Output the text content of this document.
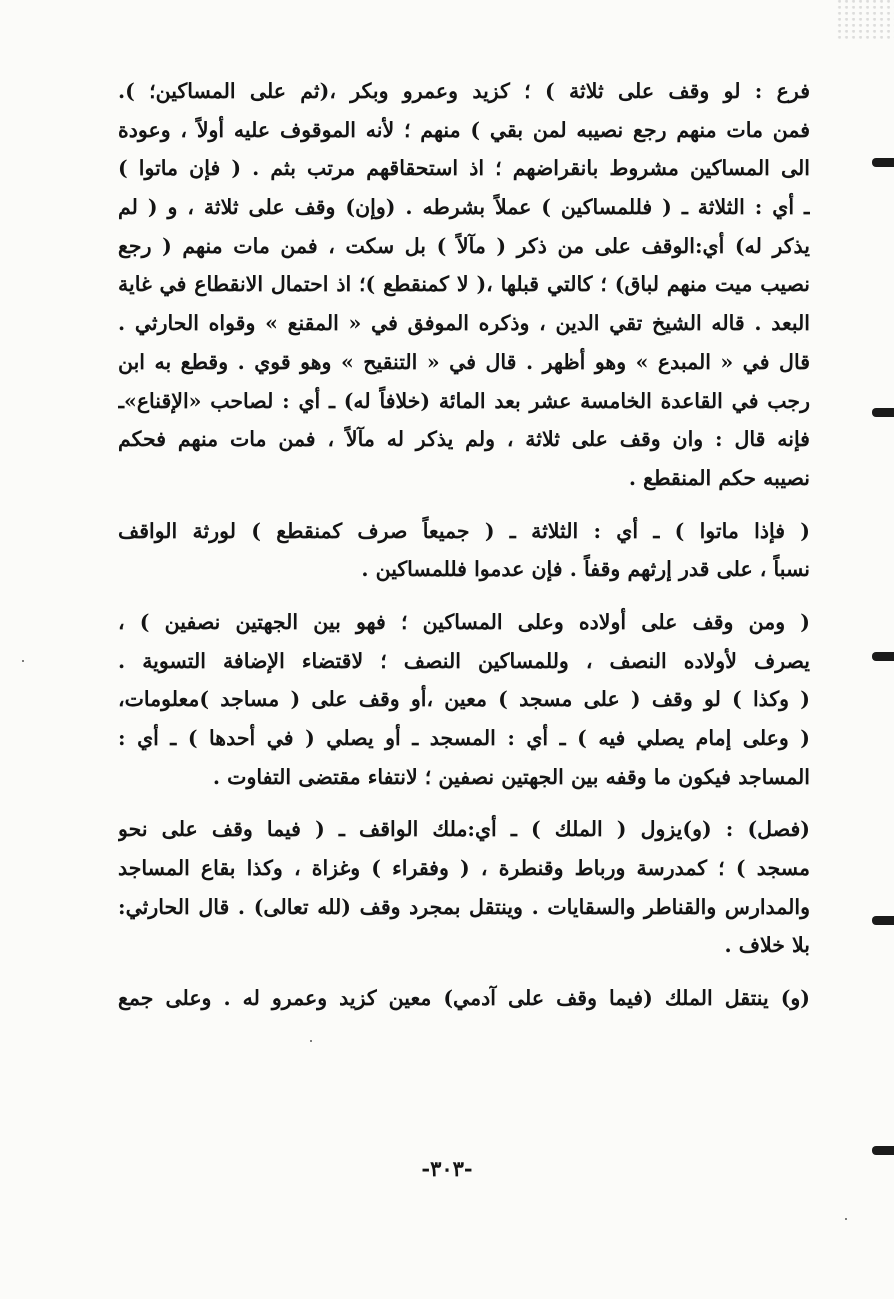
فرع : لو وقف على ثلاثة ) ؛ كزيد وعمرو وبكر ،(ثم على المساكين؛ ).
فمن مات منهم رجع نصيبه لمن بقي ) منهم ؛ لأنه الموقوف عليه أولاً ، وعودة
الى المساكين مشروط بانقراضهم ؛ اذ استحقاقهم مرتب بثم . ( فإن ماتوا )
ـ أي : الثلاثة ـ ( فللمساكين ) عملاً بشرطه . (وإن) وقف على ثلاثة ، و ( لم
يذكر له) أي:الوقف على من ذكر ( مآلاً ) بل سكت ، فمن مات منهم ( رجع
نصيب ميت منهم لباق) ؛ كالتي قبلها ،( لا كمنقطع )؛ اذ احتمال الانقطاع في غاية
البعد . قاله الشيخ تقي الدين ، وذكره الموفق في « المقنع » وقواه الحارثي .
قال في « المبدع » وهو أظهر . قال في « التنقيح » وهو قوي . وقطع به ابن
رجب في القاعدة الخامسة عشر بعد المائة (خلافاً له) ـ أي : لصاحب «الإقناع»ـ
فإنه قال : وان وقف على ثلاثة ، ولم يذكر له مآلاً ، فمن مات منهم فحكم
نصيبه حكم المنقطع .
( فإذا ماتوا ) ـ أي : الثلاثة ـ ( جميعاً صرف كمنقطع ) لورثة الواقف
نسباً ، على قدر إرثهم وقفاً . فإن عدموا فللمساكين .
( ومن وقف على أولاده وعلى المساكين ؛ فهو بين الجهتين نصفين ) ،
يصرف لأولاده النصف ، وللمساكين النصف ؛ لاقتضاء الإضافة التسوية .
( وكذا ) لو وقف ( على مسجد ) معين ،أو وقف على ( مساجد )معلومات،
( وعلى إمام يصلي فيه ) ـ أي : المسجد ـ أو يصلي ( في أحدها ) ـ أي :
المساجد فيكون ما وقفه بين الجهتين نصفين ؛ لانتفاء مقتضى التفاوت .
(فصل) : (و)يزول ( الملك ) ـ أي:ملك الواقف ـ ( فيما وقف على نحو
مسجد ) ؛ كمدرسة ورباط وقنطرة ، ( وفقراء ) وغزاة ، وكذا بقاع المساجد
والمدارس والقناطر والسقايات . وينتقل بمجرد وقف (لله تعالى) . قال الحارثي:
بلا خلاف .
(و) ينتقل الملك (فيما وقف على آدمي) معين كزيد وعمرو له . وعلى جمع
-٣٠٣-
